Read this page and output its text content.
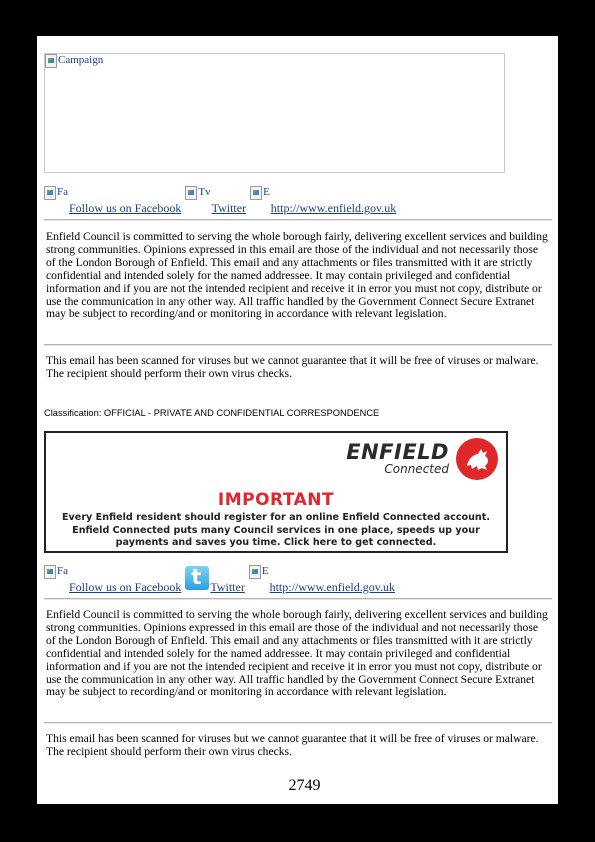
Campaign
Fa
Follow us on Facebook
Tv
Twitter
E
http://www.enfield.gov.uk
Enfield Council is committed to serving the whole borough fairly, delivering excellent services and building strong communities. Opinions expressed in this email are those of the individual and not necessarily those of the London Borough of Enfield. This email and any attachments or files transmitted with it are strictly confidential and intended solely for the named addressee. It may contain privileged and confidential information and if you are not the intended recipient and receive it in error you must not copy, distribute or use the communication in any other way. All traffic handled by the Government Connect Secure Extranet may be subject to recording/and or monitoring in accordance with relevant legislation.
This email has been scanned for viruses but we cannot guarantee that it will be free of viruses or malware. The recipient should perform their own virus checks.
Classification: OFFICIAL - PRIVATE AND CONFIDENTIAL CORRESPONDENCE
ENFIELD
Connected
IMPORTANT
Every Enfield resident should register for an online Enfield Connected account.
Enfield Connected puts many Council services in one place, speeds up your
payments and saves you time. Click here to get connected.
Fa
Follow us on Facebook
t Twitter
E
http://www.enfield.gov.uk
Enfield Council is committed to serving the whole borough fairly, delivering excellent services and building strong communities. Opinions expressed in this email are those of the individual and not necessarily those of the London Borough of Enfield. This email and any attachments or files transmitted with it are strictly confidential and intended solely for the named addressee. It may contain privileged and confidential information and if you are not the intended recipient and receive it in error you must not copy, distribute or use the communication in any other way. All traffic handled by the Government Connect Secure Extranet may be subject to recording/and or monitoring in accordance with relevant legislation.
This email has been scanned for viruses but we cannot guarantee that it will be free of viruses or malware. The recipient should perform their own virus checks.
2749
